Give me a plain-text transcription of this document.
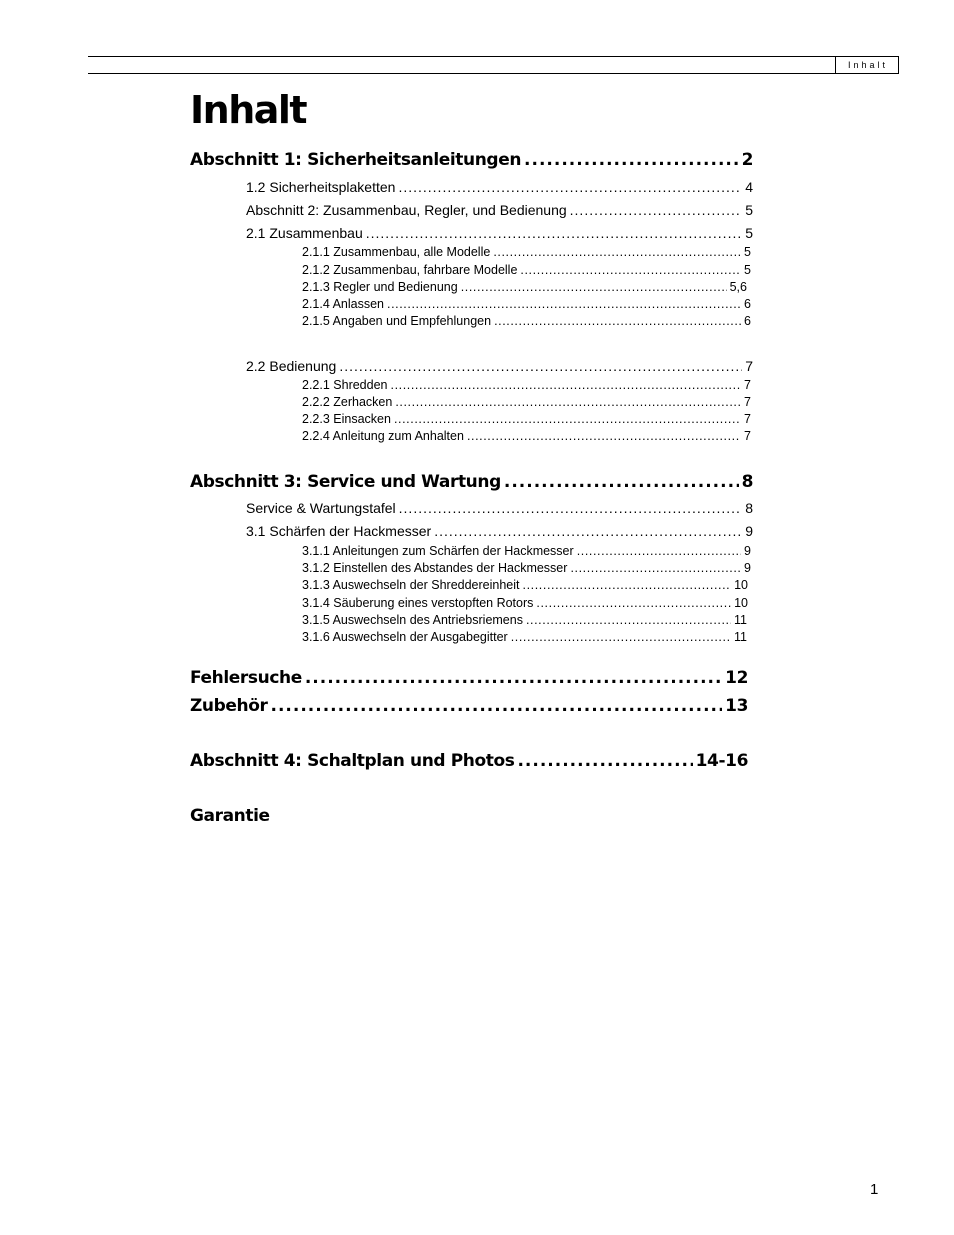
Inhalt
Inhalt
Abschnitt 1: Sicherheitsanleitungen .....	2
1.2 Sicherheitsplaketten .....	4
Abschnitt 2: Zusammenbau, Regler, und Bedienung .....	5
2.1 Zusammenbau .....	5
2.1.1 Zusammenbau, alle Modelle .....	5
2.1.2 Zusammenbau, fahrbare Modelle .....	5
2.1.3 Regler und Bedienung .....	5,6
2.1.4 Anlassen .....	6
2.1.5 Angaben und Empfehlungen .....	6
2.2 Bedienung .....	7
2.2.1 Shredden .....	7
2.2.2 Zerhacken .....	7
2.2.3 Einsacken .....	7
2.2.4 Anleitung zum Anhalten .....	7
Abschnitt 3: Service und Wartung .....	8
Service & Wartungstafel .....	8
3.1 Schärfen der Hackmesser .....	9
3.1.1 Anleitungen zum Schärfen der Hackmesser .....	9
3.1.2 Einstellen des Abstandes der Hackmesser .....	9
3.1.3 Auswechseln der Shreddereinheit .....	10
3.1.4 Säuberung eines verstopften Rotors .....	10
3.1.5 Auswechseln des Antriebsriemens .....	11
3.1.6 Auswechseln der Ausgabegitter .....	11
Fehlersuche .....	12
Zubehör .....	13
Abschnitt 4: Schaltplan und Photos .....	14-16
Garantie
1
